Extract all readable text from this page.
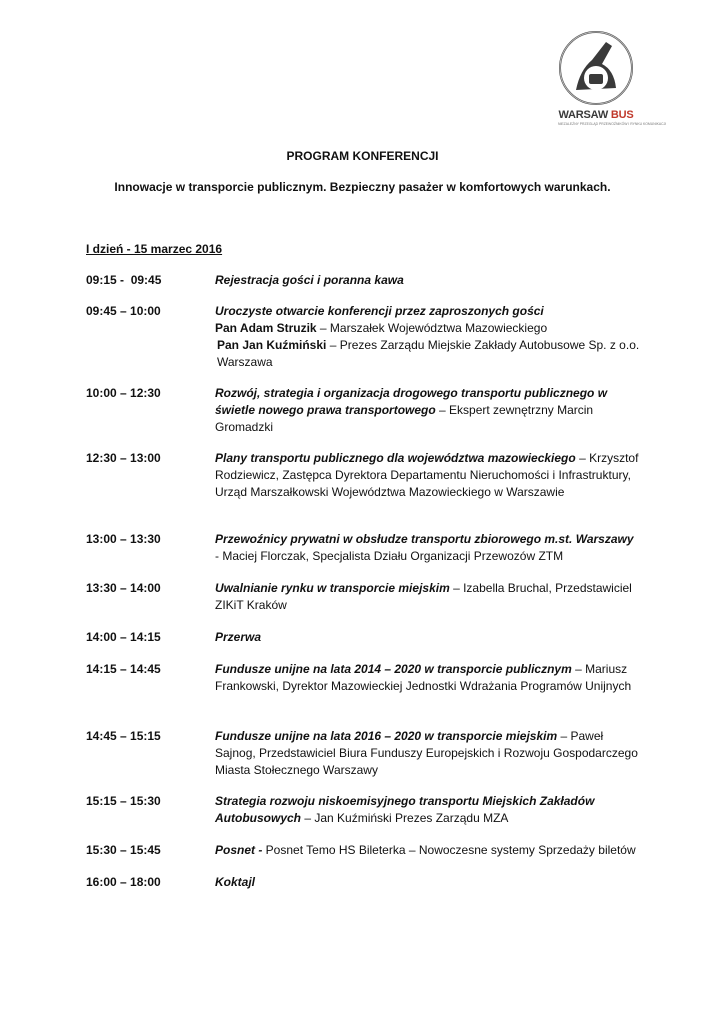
WARSAW BUS
NIEZALEŻNY PRZEGLĄD PRZEWOŹNIKÓW I RYNKU KOMUNIKACJI
PROGRAM KONFERENCJI
Innowacje w transporcie publicznym. Bezpieczny pasażer w komfortowych warunkach.
I dzień - 15 marzec 2016
09:15 -  09:45	Rejestracja gości i poranna kawa
09:45 – 10:00	Uroczyste otwarcie konferencji przez zaproszonych gości
Pan Adam Struzik – Marszałek Województwa Mazowieckiego
Pan Jan Kuźmiński – Prezes Zarządu Miejskie Zakłady Autobusowe Sp. z o.o. Warszawa
10:00 – 12:30	Rozwój, strategia i organizacja drogowego transportu publicznego w świetle nowego prawa transportowego – Ekspert zewnętrzny Marcin Gromadzki
12:30 – 13:00	Plany transportu publicznego dla województwa mazowieckiego – Krzysztof Rodziewicz, Zastępca Dyrektora Departamentu Nieruchomości i Infrastruktury, Urząd Marszałkowski Województwa Mazowieckiego w Warszawie
13:00 – 13:30	Przewoźnicy prywatni w obsłudze transportu zbiorowego m.st. Warszawy - Maciej Florczak, Specjalista Działu Organizacji Przewozów ZTM
13:30 – 14:00	Uwalnianie rynku w transporcie miejskim – Izabella Bruchal, Przedstawiciel ZIKiT Kraków
14:00 – 14:15	Przerwa
14:15 – 14:45	Fundusze unijne na lata 2014 – 2020 w transporcie publicznym – Mariusz Frankowski, Dyrektor Mazowieckiej Jednostki Wdrażania Programów Unijnych
14:45 – 15:15	Fundusze unijne na lata 2016 – 2020 w transporcie miejskim – Paweł Sajnog, Przedstawiciel Biura Funduszy Europejskich i Rozwoju Gospodarczego Miasta Stołecznego Warszawy
15:15 – 15:30	Strategia rozwoju niskoemisyjnego transportu Miejskich Zakładów Autobusowych – Jan Kuźmiński Prezes Zarządu MZA
15:30 – 15:45	Posnet - Posnet Temo HS Bileterka – Nowoczesne systemy Sprzedaży biletów
16:00 – 18:00	Koktajl
